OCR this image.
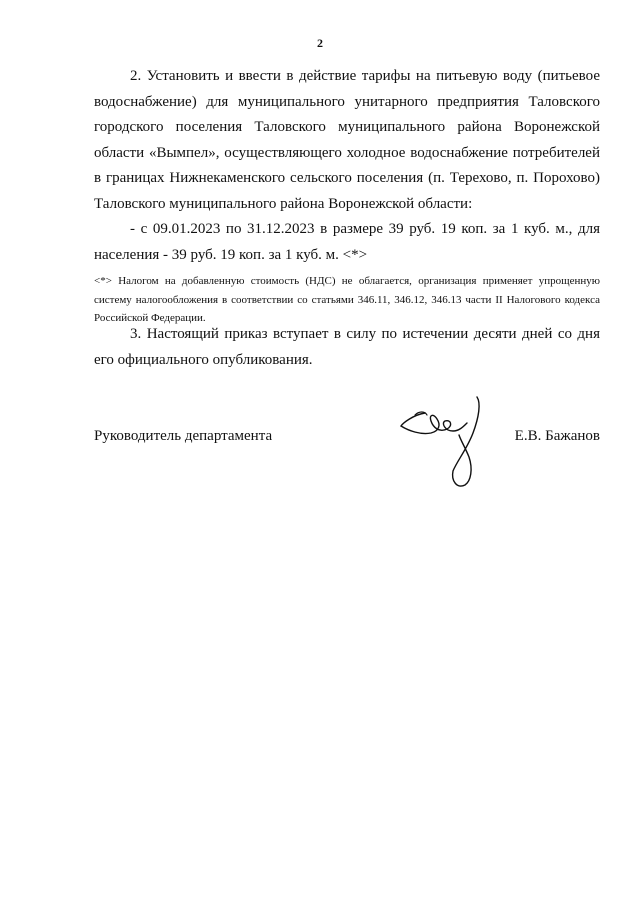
2

2. Установить и ввести в действие тарифы на питьевую воду (питьевое водоснабжение) для муниципального унитарного предприятия Таловского городского поселения Таловского муниципального района Воронежской области «Вымпел», осуществляющего холодное водоснабжение потребителей в границах Нижнекаменского сельского поселения (п. Терехово, п. Порохово) Таловского муниципального района Воронежской области:

- с 09.01.2023 по 31.12.2023 в размере 39 руб. 19 коп. за 1 куб. м., для населения - 39 руб. 19 коп. за 1 куб. м. <*>

<*> Налогом на добавленную стоимость (НДС) не облагается, организация применяет упрощенную систему налогообложения в соответствии со статьями 346.11, 346.12, 346.13 части II Налогового кодекса Российской Федерации.

3. Настоящий приказ вступает в силу по истечении десяти дней со дня его официального опубликования.

Руководитель департамента	Е.В. Бажанов
